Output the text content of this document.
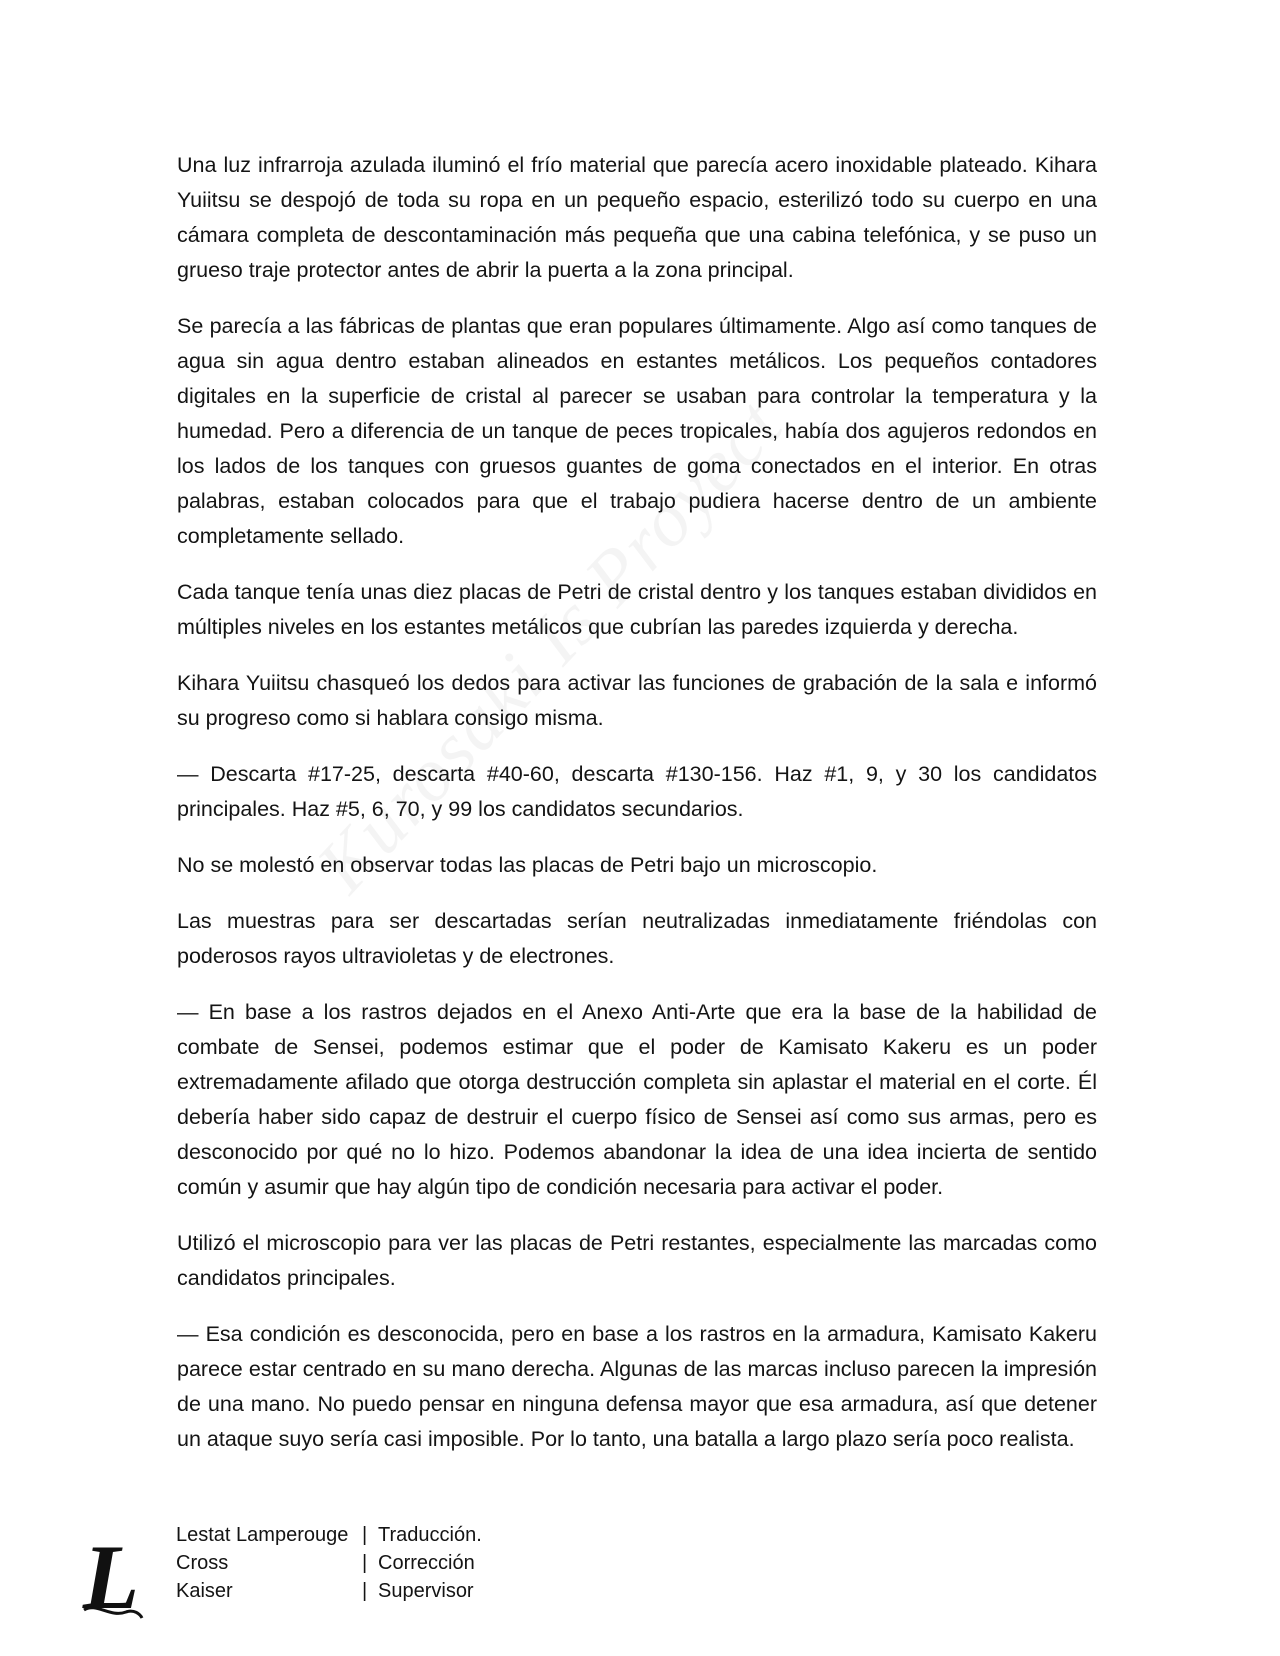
Una luz infrarroja azulada iluminó el frío material que parecía acero inoxidable plateado. Kihara Yuiitsu se despojó de toda su ropa en un pequeño espacio, esterilizó todo su cuerpo en una cámara completa de descontaminación más pequeña que una cabina telefónica, y se puso un grueso traje protector antes de abrir la puerta a la zona principal.

Se parecía a las fábricas de plantas que eran populares últimamente. Algo así como tanques de agua sin agua dentro estaban alineados en estantes metálicos. Los pequeños contadores digitales en la superficie de cristal al parecer se usaban para controlar la temperatura y la humedad. Pero a diferencia de un tanque de peces tropicales, había dos agujeros redondos en los lados de los tanques con gruesos guantes de goma conectados en el interior. En otras palabras, estaban colocados para que el trabajo pudiera hacerse dentro de un ambiente completamente sellado.

Cada tanque tenía unas diez placas de Petri de cristal dentro y los tanques estaban divididos en múltiples niveles en los estantes metálicos que cubrían las paredes izquierda y derecha.

Kihara Yuiitsu chasqueó los dedos para activar las funciones de grabación de la sala e informó su progreso como si hablara consigo misma.

— Descarta #17-25, descarta #40-60, descarta #130-156. Haz #1, 9, y 30 los candidatos principales. Haz #5, 6, 70, y 99 los candidatos secundarios.

No se molestó en observar todas las placas de Petri bajo un microscopio.

Las muestras para ser descartadas serían neutralizadas inmediatamente friéndolas con poderosos rayos ultravioletas y de electrones.

— En base a los rastros dejados en el Anexo Anti-Arte que era la base de la habilidad de combate de Sensei, podemos estimar que el poder de Kamisato Kakeru es un poder extremadamente afilado que otorga destrucción completa sin aplastar el material en el corte. Él debería haber sido capaz de destruir el cuerpo físico de Sensei así como sus armas, pero es desconocido por qué no lo hizo. Podemos abandonar la idea de una idea incierta de sentido común y asumir que hay algún tipo de condición necesaria para activar el poder.

Utilizó el microscopio para ver las placas de Petri restantes, especialmente las marcadas como candidatos principales.

— Esa condición es desconocida, pero en base a los rastros en la armadura, Kamisato Kakeru parece estar centrado en su mano derecha. Algunas de las marcas incluso parecen la impresión de una mano. No puedo pensar en ninguna defensa mayor que esa armadura, así que detener un ataque suyo sería casi imposible. Por lo tanto, una batalla a largo plazo sería poco realista.

L Lestat Lamperouge | Traducción.
Cross	| Corrección
Kaiser	| Supervisor
